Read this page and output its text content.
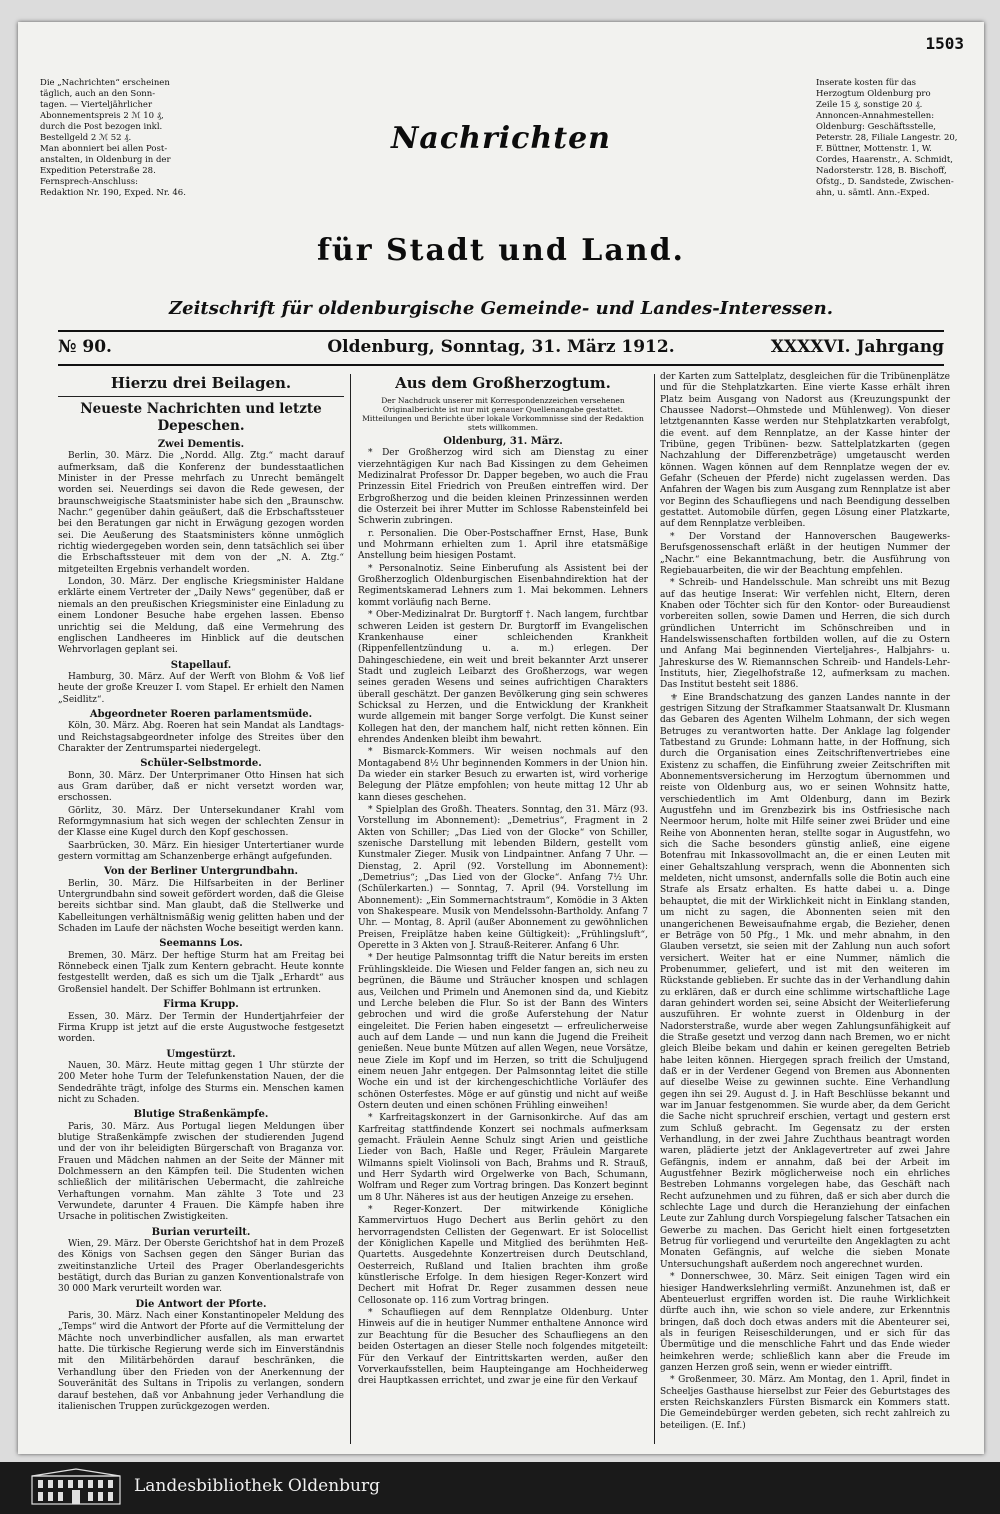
1503

Die „Nachrichten“ erscheinen

täglich, auch an den Sonn-

tagen. — Vierteljährlicher

Abonnementspreis 2 ℳ 10 ₰,

durch die Post bezogen inkl.

Bestellgeld 2 ℳ 52 ₰.

Man abonniert bei allen Post-

anstalten, in Oldenburg in der

Expedition Peterstraße 28.

Fernsprech-Anschluss:

Redaktion Nr. 190, Exped. Nr. 46.

Inserate kosten für das

Herzogtum Oldenburg pro

Zeile 15 ₰, sonstige 20 ₰.

Annoncen-Annahmestellen:

Oldenburg: Geschäftsstelle,

Peterstr. 28, Filiale Langestr. 20,

F. Büttner, Mottenstr. 1, W.

Cordes, Haarenstr., A. Schmidt,

Nadorsterstr. 128, B. Bischoff,

Ofstg., D. Sandstede, Zwischen-

ahn, u. sämtl. Ann.-Exped.

Nachrichten
für Stadt und Land.
Zeitschrift für oldenburgische Gemeinde- und Landes-Interessen.
№ 90.	Oldenburg, Sonntag, 31. März 1912.	XXXXVI. Jahrgang

Hierzu drei Beilagen.

Neueste Nachrichten und letzte Depeschen.

Zwei Dementis.

Berlin, 30. März. Die „Nordd. Allg. Ztg.“ macht darauf aufmerksam, daß die Konferenz der bundesstaatlichen Minister in der Presse mehrfach zu Unrecht bemängelt worden sei. Neuerdings sei davon die Rede gewesen, der braunschweigische Staatsminister habe sich den „Braunschw. Nachr.“ gegenüber dahin geäußert, daß die Erbschaftssteuer bei den Beratungen gar nicht in Erwägung gezogen worden sei. Die Aeußerung des Staatsministers könne unmöglich richtig wiedergegeben worden sein, denn tatsächlich sei über die Erbschaftssteuer mit dem von der „N. A. Ztg.“ mitgeteilten Ergebnis verhandelt worden.

London, 30. März. Der englische Kriegsminister Haldane erklärte einem Vertreter der „Daily News“ gegenüber, daß er niemals an den preußischen Kriegsminister eine Einladung zu einem Londoner Besuche habe ergehen lassen. Ebenso unrichtig sei die Meldung, daß eine Vermehrung des englischen Landheeres im Hinblick auf die deutschen Wehrvorlagen geplant sei.

Stapellauf.

Hamburg, 30. März. Auf der Werft von Blohm & Voß lief heute der große Kreuzer I. vom Stapel. Er erhielt den Namen „Seidlitz“.

Abgeordneter Roeren parlamentsmüde.

Köln, 30. März. Abg. Roeren hat sein Mandat als Landtags- und Reichstagsabgeordneter infolge des Streites über den Charakter der Zentrumspartei niedergelegt.

Schüler-Selbstmorde.

Bonn, 30. März. Der Unterprimaner Otto Hinsen hat sich aus Gram darüber, daß er nicht versetzt worden war, erschossen.

Görlitz, 30. März. Der Untersekundaner Krahl vom Reformgymnasium hat sich wegen der schlechten Zensur in der Klasse eine Kugel durch den Kopf geschossen.

Saarbrücken, 30. März. Ein hiesiger Untertertianer wurde gestern vormittag am Schanzenberge erhängt aufgefunden.

Von der Berliner Untergrundbahn.

Berlin, 30. März. Die Hilfsarbeiten in der Berliner Untergrundbahn sind soweit gefördert worden, daß die Gleise bereits sichtbar sind. Man glaubt, daß die Stellwerke und Kabelleitungen verhältnismäßig wenig gelitten haben und der Schaden im Laufe der nächsten Woche beseitigt werden kann.

Seemanns Los.

Bremen, 30. März. Der heftige Sturm hat am Freitag bei Rönnebeck einen Tjalk zum Kentern gebracht. Heute konnte festgestellt werden, daß es sich um die Tjalk „Erhardt“ aus Großensiel handelt. Der Schiffer Bohlmann ist ertrunken.

Firma Krupp.

Essen, 30. März. Der Termin der Hundertjahrfeier der Firma Krupp ist jetzt auf die erste Augustwoche festgesetzt worden.

Umgestürzt.

Nauen, 30. März. Heute mittag gegen 1 Uhr stürzte der 200 Meter hohe Turm der Telefunkenstation Nauen, der die Sendedrähte trägt, infolge des Sturms ein. Menschen kamen nicht zu Schaden.

Blutige Straßenkämpfe.

Paris, 30. März. Aus Portugal liegen Meldungen über blutige Straßenkämpfe zwischen der studierenden Jugend und der von ihr beleidigten Bürgerschaft von Braganza vor. Frauen und Mädchen nahmen an der Seite der Männer mit Dolchmessern an den Kämpfen teil. Die Studenten wichen schließlich der militärischen Uebermacht, die zahlreiche Verhaftungen vornahm. Man zählte 3 Tote und 23 Verwundete, darunter 4 Frauen. Die Kämpfe haben ihre Ursache in politischen Zwistigkeiten.

Burian verurteilt.

Wien, 29. März. Der Oberste Gerichtshof hat in dem Prozeß des Königs von Sachsen gegen den Sänger Burian das zweitinstanzliche Urteil des Prager Oberlandesgerichts bestätigt, durch das Burian zu ganzen Konventionalstrafe von 30 000 Mark verurteilt worden war.

Die Antwort der Pforte.

Paris, 30. März. Nach einer Konstantinopeler Meldung des „Temps“ wird die Antwort der Pforte auf die Vermittelung der Mächte noch unverbindlicher ausfallen, als man erwartet hatte. Die türkische Regierung werde sich im Einverständnis mit den Militärbehörden darauf beschränken, die Verhandlung über den Frieden von der Anerkennung der Souveränität des Sultans in Tripolis zu verlangen, sondern darauf bestehen, daß vor Anbahnung jeder Verhandlung die italienischen Truppen zurückgezogen werden.

Aus dem Großherzogtum.

Der Nachdruck unserer mit Korrespondenzzeichen versehenen Originalberichte ist nur mit genauer Quellenangabe gestattet. Mitteilungen und Berichte über lokale Vorkommnisse sind der Redaktion stets willkommen.

Oldenburg, 31. März.

* Der Großherzog wird sich am Dienstag zu einer vierzehntägigen Kur nach Bad Kissingen zu dem Geheimen Medizinalrat Professor Dr. Dapper begeben, wo auch die Frau Prinzessin Eitel Friedrich von Preußen eintreffen wird. Der Erbgroßherzog und die beiden kleinen Prinzessinnen werden die Osterzeit bei ihrer Mutter im Schlosse Rabensteinfeld bei Schwerin zubringen.

r. Personalien. Die Ober-Postschaffner Ernst, Hase, Bunk und Mohrmann erhielten zum 1. April ihre etatsmäßige Anstellung beim hiesigen Postamt.

* Personalnotiz. Seine Einberufung als Assistent bei der Großherzoglich Oldenburgischen Eisenbahndirektion hat der Regimentskamerad Lehners zum 1. Mai bekommen. Lehners kommt vorläufig nach Berne.

* Ober-Medizinalrat Dr. Burgtorff †. Nach langem, furchtbar schweren Leiden ist gestern Dr. Burgtorff im Evangelischen Krankenhause einer schleichenden Krankheit (Rippenfellentzündung u. a. m.) erlegen. Der Dahingeschiedene, ein weit und breit bekannter Arzt unserer Stadt und zugleich Leibarzt des Großherzogs, war wegen seines geraden Wesens und seines aufrichtigen Charakters überall geschätzt. Der ganzen Bevölkerung ging sein schweres Schicksal zu Herzen, und die Entwicklung der Krankheit wurde allgemein mit banger Sorge verfolgt. Die Kunst seiner Kollegen hat den, der manchem half, nicht retten können. Ein ehrendes Andenken bleibt ihm bewahrt.

* Bismarck-Kommers. Wir weisen nochmals auf den Montagabend 8½ Uhr beginnenden Kommers in der Union hin. Da wieder ein starker Besuch zu erwarten ist, wird vorherige Belegung der Plätze empfohlen; von heute mittag 12 Uhr ab kann dieses geschehen.

* Spielplan des Großh. Theaters. Sonntag, den 31. März (93. Vorstellung im Abonnement): „Demetrius“, Fragment in 2 Akten von Schiller; „Das Lied von der Glocke“ von Schiller, szenische Darstellung mit lebenden Bildern, gestellt vom Kunstmaler Zieger. Musik von Lindpaintner. Anfang 7 Uhr. — Dienstag, 2. April (92. Vorstellung im Abonnement): „Demetrius“; „Das Lied von der Glocke“. Anfang 7½ Uhr. (Schülerkarten.) — Sonntag, 7. April (94. Vorstellung im Abonnement): „Ein Sommernachtstraum“, Komödie in 3 Akten von Shakespeare. Musik von Mendelssohn-Bartholdy. Anfang 7 Uhr. — Montag, 8. April (außer Abonnement zu gewöhnlichen Preisen, Freiplätze haben keine Gültigkeit): „Frühlingsluft“, Operette in 3 Akten von J. Strauß-Reiterer. Anfang 6 Uhr.

* Der heutige Palmsonntag trifft die Natur bereits im ersten Frühlingskleide. Die Wiesen und Felder fangen an, sich neu zu begrünen, die Bäume und Sträucher knospen und schlagen aus, Veilchen und Primeln und Anemonen sind da, und Kiebitz und Lerche beleben die Flur. So ist der Bann des Winters gebrochen und wird die große Auferstehung der Natur eingeleitet. Die Ferien haben eingesetzt — erfreulicherweise auch auf dem Lande — und nun kann die Jugend die Freiheit genießen. Neue bunte Mützen auf allen Wegen, neue Vorsätze, neue Ziele im Kopf und im Herzen, so tritt die Schuljugend einem neuen Jahr entgegen. Der Palmsonntag leitet die stille Woche ein und ist der kirchengeschichtliche Vorläufer des schönen Osterfestes. Möge er auf günstig und nicht auf weiße Ostern deuten und einen schönen Frühling einweihen!

* Karfreitagskonzert in der Garnisonkirche. Auf das am Karfreitag stattfindende Konzert sei nochmals aufmerksam gemacht. Fräulein Aenne Schulz singt Arien und geistliche Lieder von Bach, Haßle und Reger, Fräulein Margarete Wilmanns spielt Violinsoli von Bach, Brahms und R. Strauß, und Herr Sydarth wird Orgelwerke von Bach, Schumann, Wolfram und Reger zum Vortrag bringen. Das Konzert beginnt um 8 Uhr. Näheres ist aus der heutigen Anzeige zu ersehen.

* Reger-Konzert. Der mitwirkende Königliche Kammervirtuos Hugo Dechert aus Berlin gehört zu den hervorragendsten Cellisten der Gegenwart. Er ist Solocellist der Königlichen Kapelle und Mitglied des berühmten Heß-Quartetts. Ausgedehnte Konzertreisen durch Deutschland, Oesterreich, Rußland und Italien brachten ihm große künstlerische Erfolge. In dem hiesigen Reger-Konzert wird Dechert mit Hofrat Dr. Reger zusammen dessen neue Cellosonate op. 116 zum Vortrag bringen.

* Schaufliegen auf dem Rennplatze Oldenburg. Unter Hinweis auf die in heutiger Nummer enthaltene Annonce wird zur Beachtung für die Besucher des Schaufliegens an den beiden Ostertagen an dieser Stelle noch folgendes mitgeteilt: Für den Verkauf der Eintrittskarten werden, außer den Vorverkaufsstellen, beim Haupteingange am Hochheiderweg drei Hauptkassen errichtet, und zwar je eine für den Verkauf

der Karten zum Sattelplatz, desgleichen für die Tribünenplätze und für die Stehplatzkarten. Eine vierte Kasse erhält ihren Platz beim Ausgang von Nadorst aus (Kreuzungspunkt der Chaussee Nadorst—Ohmstede und Mühlenweg). Von dieser letztgenannten Kasse werden nur Stehplatzkarten verabfolgt, die event. auf dem Rennplatze, an der Kasse hinter der Tribüne, gegen Tribünen- bezw. Sattelplatzkarten (gegen Nachzahlung der Differenzbeträge) umgetauscht werden können. Wagen können auf dem Rennplatze wegen der ev. Gefahr (Scheuen der Pferde) nicht zugelassen werden. Das Anfahren der Wagen bis zum Ausgang zum Rennplatze ist aber vor Beginn des Schaufliegens und nach Beendigung desselben gestattet. Automobile dürfen, gegen Lösung einer Platzkarte, auf dem Rennplatze verbleiben.

* Der Vorstand der Hannoverschen Baugewerks-Berufsgenossenschaft erläßt in der heutigen Nummer der „Nachr.“ eine Bekanntmachung, betr. die Ausführung von Regiebauarbeiten, die wir der Beachtung empfehlen.

* Schreib- und Handelsschule. Man schreibt uns mit Bezug auf das heutige Inserat: Wir verfehlen nicht, Eltern, deren Knaben oder Töchter sich für den Kontor- oder Bureaudienst vorbereiten sollen, sowie Damen und Herren, die sich durch gründlichen Unterricht im Schönschreiben und in Handelswissenschaften fortbilden wollen, auf die zu Ostern und Anfang Mai beginnenden Vierteljahres-, Halbjahrs- u. Jahreskurse des W. Riemannschen Schreib- und Handels-Lehr-Instituts, hier, Ziegelhofstraße 12, aufmerksam zu machen. Das Institut besteht seit 1886.

⚜ Eine Brandschatzung des ganzen Landes nannte in der gestrigen Sitzung der Strafkammer Staatsanwalt Dr. Klusmann das Gebaren des Agenten Wilhelm Lohmann, der sich wegen Betruges zu verantworten hatte. Der Anklage lag folgender Tatbestand zu Grunde: Lohmann hatte, in der Hoffnung, sich durch die Organisation eines Zeitschriftenvertriebes eine Existenz zu schaffen, die Einführung zweier Zeitschriften mit Abonnementsversicherung im Herzogtum übernommen und reiste von Oldenburg aus, wo er seinen Wohnsitz hatte, verschiedentlich im Amt Oldenburg, dann im Bezirk Augustfehn und im Grenzbezirk bis ins Ostfriesische nach Neermoor herum, holte mit Hilfe seiner zwei Brüder und eine Reihe von Abonnenten heran, stellte sogar in Augustfehn, wo sich die Sache besonders günstig anließ, eine eigene Botenfrau mit Inkassovollmacht an, die er einen Leuten mit einer Gehaltszahlung versprach, wenn die Abonnenten sich meldeten, nicht umsonst, andernfalls solle die Botin auch eine Strafe als Ersatz erhalten. Es hatte dabei u. a. Dinge behauptet, die mit der Wirklichkeit nicht in Einklang standen, um nicht zu sagen, die Abonnenten seien mit den unangerichenen Beweisaufnahme ergab, die Bezieher, denen er Beträge von 50 Pfg., 1 Mk. und mehr abnahm, in den Glauben versetzt, sie seien mit der Zahlung nun auch sofort versichert. Weiter hat er eine Nummer, nämlich die Probenummer, geliefert, und ist mit den weiteren im Rückstande geblieben. Er suchte das in der Verhandlung dahin zu erklären, daß er durch eine schlimme wirtschaftliche Lage daran gehindert worden sei, seine Absicht der Weiterlieferung auszuführen. Er wohnte zuerst in Oldenburg in der Nadorsterstraße, wurde aber wegen Zahlungsunfähigkeit auf die Straße gesetzt und verzog dann nach Bremen, wo er nicht gleich Bleibe bekam und dahin er keinen geregelten Betrieb habe leiten können. Hiergegen sprach freilich der Umstand, daß er in der Verdener Gegend von Bremen aus Abonnenten auf dieselbe Weise zu gewinnen suchte. Eine Verhandlung gegen ihn sei 29. August d. J. in Haft Beschlüsse bekannt und war im Januar festgenommen. Sie wurde aber, da dem Gericht die Sache nicht spruchreif erschien, vertagt und gestern erst zum Schluß gebracht. Im Gegensatz zu der ersten Verhandlung, in der zwei Jahre Zuchthaus beantragt worden waren, plädierte jetzt der Anklagevertreter auf zwei Jahre Gefängnis, indem er annahm, daß bei der Arbeit im Augustfehner Bezirk möglicherweise noch ein ehrliches Bestreben Lohmanns vorgelegen habe, das Geschäft nach Recht aufzunehmen und zu führen, daß er sich aber durch die schlechte Lage und durch die Heranziehung der einfachen Leute zur Zahlung durch Vorspiegelung falscher Tatsachen ein Gewerbe zu machen. Das Gericht hielt einen fortgesetzten Betrug für vorliegend und verurteilte den Angeklagten zu acht Monaten Gefängnis, auf welche die sieben Monate Untersuchungshaft außerdem noch angerechnet wurden.

* Donnerschwee, 30. März. Seit einigen Tagen wird ein hiesiger Handwerkslehrling vermißt. Anzunehmen ist, daß er Abenteuerlust ergriffen worden ist. Die rauhe Wirklichkeit dürfte auch ihn, wie schon so viele andere, zur Erkenntnis bringen, daß doch doch etwas anders mit die Abenteurer sei, als in feurigen Reiseschilderungen, und er sich für das Übermütige und die menschliche Fahrt und das Ende wieder heimkehren werde; schließlich kann aber die Freude im ganzen Herzen groß sein, wenn er wieder eintrifft.

* Großenmeer, 30. März. Am Montag, den 1. April, findet in Scheeljes Gasthause hierselbst zur Feier des Geburtstages des ersten Reichskanzlers Fürsten Bismarck ein Kommers statt. Die Gemeindebürger werden gebeten, sich recht zahlreich zu beteiligen. (E. Inf.)

Landesbibliothek Oldenburg
